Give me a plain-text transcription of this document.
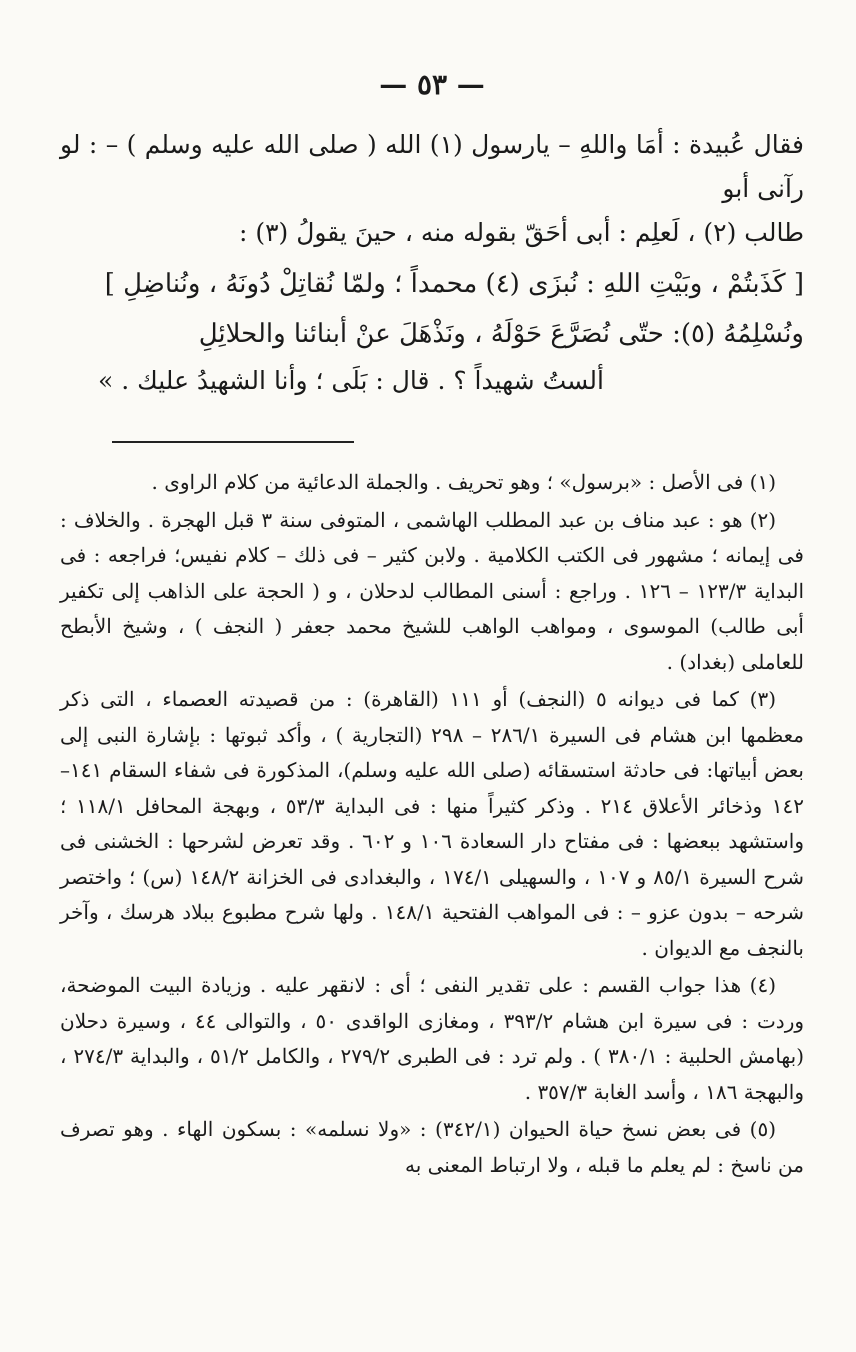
— ٥٣ —

فقال عُبيدة : أمَا واللهِ – يارسول (١) الله ( صلى الله عليه وسلم ) – : لو رآنى أبو

طالب (٢) ، لَعلِم : أبى أحَقّ بقوله منه ، حينَ يقولُ (٣) :

[ كَذَبتُمْ ، وبَيْتِ اللهِ : نُبزَى (٤) محمداً ؛ ولمّا نُقاتِلْ دُونَهُ ، ونُناضِلِ ]

ونُسْلِمُهُ (٥): حتّى نُصَرَّعَ حَوْلَهُ ، ونَذْهَلَ عنْ أبنائنا والحلائِلِ

ألستُ شهيداً ؟ . قال : بَلَى ؛ وأنا الشهيدُ عليك . »

(١) فى الأصل : «برسول» ؛ وهو تحريف . والجملة الدعائية من كلام الراوى .

(٢) هو : عبد مناف بن عبد المطلب الهاشمى ، المتوفى سنة ٣ قبل الهجرة . والخلاف : فى إيمانه ؛ مشهور فى الكتب الكلامية . ولابن كثير – فى ذلك – كلام نفيس؛ فراجعه : فى البداية ١٢٣/٣ – ١٢٦ . وراجع : أسنى المطالب لدحلان ، و ( الحجة على الذاهب إلى تكفير أبى طالب) الموسوى ، ومواهب الواهب للشيخ محمد جعفر ( النجف ) ، وشيخ الأبطح للعاملى (بغداد) .

(٣) كما فى ديوانه ٥ (النجف) أو ١١١ (القاهرة) : من قصيدته العصماء ، التى ذكر معظمها ابن هشام فى السيرة ٢٨٦/١ – ٢٩٨ (التجارية ) ، وأكد ثبوتها : بإشارة النبى إلى بعض أبياتها: فى حادثة استسقائه (صلى الله عليه وسلم)، المذكورة فى شفاء السقام ١٤١–١٤٢ وذخائر الأعلاق ٢١٤ . وذكر كثيراً منها : فى البداية ٥٣/٣ ، وبهجة المحافل ١١٨/١ ؛ واستشهد ببعضها : فى مفتاح دار السعادة ١٠٦ و ٦٠٢ . وقد تعرض لشرحها : الخشنى فى شرح السيرة ٨٥/١ و ١٠٧ ، والسهيلى ١٧٤/١ ، والبغدادى فى الخزانة ١٤٨/٢ (س) ؛ واختصر شرحه – بدون عزو – : فى المواهب الفتحية ١٤٨/١ . ولها شرح مطبوع ببلاد هرسك ، وآخر بالنجف مع الديوان .

(٤) هذا جواب القسم : على تقدير النفى ؛ أى : لانقهر عليه . وزيادة البيت الموضحة، وردت : فى سيرة ابن هشام ٣٩٣/٢ ، ومغازى الواقدى ٥٠ ، والتوالى ٤٤ ، وسيرة دحلان (بهامش الحلبية : ٣٨٠/١ ) . ولم ترد : فى الطبرى ٢٧٩/٢ ، والكامل ٥١/٢ ، والبداية ٢٧٤/٣ ، والبهجة ١٨٦ ، وأسد الغابة ٣٥٧/٣ .

(٥) فى بعض نسخ حياة الحيوان (٣٤٢/١) : «ولا نسلمه» : بسكون الهاء . وهو تصرف من ناسخ : لم يعلم ما قبله ، ولا ارتباط المعنى به
